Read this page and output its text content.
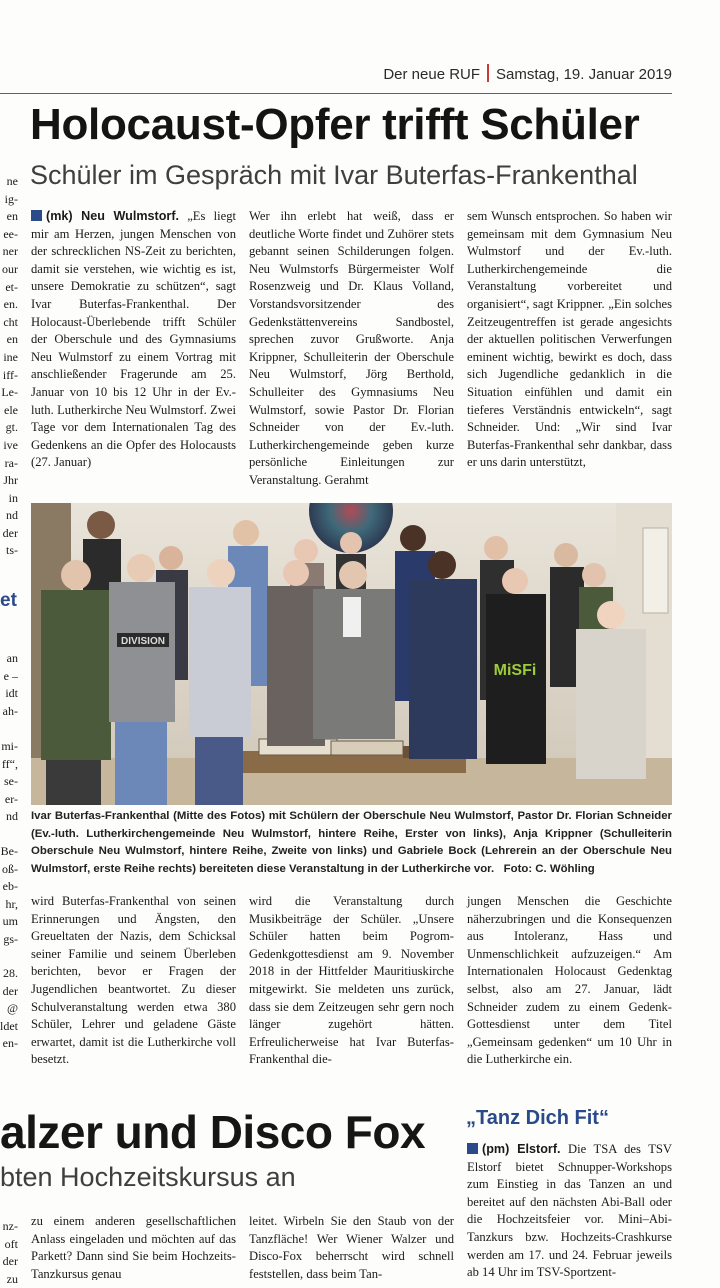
Der neue RUF Samstag, 19. Januar 2019
ne
ig-
en
ee-
ner
our
et-
en.
cht
en
ine
iff-
Le-
ele
gt.
ive
ra-
Jhr
in
nd
der
ts-
et
an
e –
idt
ah-
mi-
ff“,
se-
er-
nd
Be-
oß-
eb-
hr,
um
gs-
28.
der
@
ldet
en-
nz-
oft
der
zu
Holocaust-Opfer trifft Schüler
Schüler im Gespräch mit Ivar Buterfas-Frankenthal
(mk) Neu Wulmstorf. „Es liegt mir am Herzen, jungen Menschen von der schrecklichen NS-Zeit zu berichten, damit sie verstehen, wie wichtig es ist, unsere Demokratie zu schützen“, sagt Ivar Buterfas-Frankenthal. Der Holocaust-Überlebende trifft Schüler der Oberschule und des Gymnasiums Neu Wulmstorf zu einem Vortrag mit anschließender Fragerunde am 25. Januar von 10 bis 12 Uhr in der Ev.-luth. Lutherkirche Neu Wulmstorf. Zwei Tage vor dem Internationalen Tag des Gedenkens an die Opfer des Holocausts (27. Januar)
Wer ihn erlebt hat weiß, dass er deutliche Worte findet und Zuhörer stets gebannt seinen Schilderungen folgen. Neu Wulmstorfs Bürgermeister Wolf Rosenzweig und Dr. Klaus Volland, Vorstandsvorsitzender des Gedenkstättenvereins Sandbostel, sprechen zuvor Grußworte. Anja Krippner, Schulleiterin der Oberschule Neu Wulmstorf, Jörg Berthold, Schulleiter des Gymnasiums Neu Wulmstorf, sowie Pastor Dr. Florian Schneider von der Ev.-luth. Lutherkirchengemeinde geben kurze persönliche Einleitungen zur Veranstaltung. Gerahmt
sem Wunsch entsprochen. So haben wir gemeinsam mit dem Gymnasium Neu Wulmstorf und der Ev.-luth. Lutherkirchengemeinde die Veranstaltung vorbereitet und organisiert“, sagt Krippner. „Ein solches Zeitzeugentreffen ist gerade angesichts der aktuellen politischen Verwerfungen eminent wichtig, bewirkt es doch, dass sich Jugendliche gedanklich in die Situation einfühlen und damit ein tieferes Verständnis entwickeln“, sagt Schneider. Und: „Wir sind Ivar Buterfas-Frankenthal sehr dankbar, dass er uns darin unterstützt,
DIVISION
MiSFi
Ivar Buterfas-Frankenthal (Mitte des Fotos) mit Schülern der Oberschule Neu Wulmstorf, Pastor Dr. Florian Schneider (Ev.-luth. Lutherkirchengemeinde Neu Wulmstorf, hintere Reihe, Erster von links), Anja Krippner (Schulleiterin Oberschule Neu Wulmstorf, hintere Reihe, Zweite von links) und Gabriele Bock (Lehrerein an der Oberschule Neu Wulmstorf, erste Reihe rechts) bereiteten diese Veranstaltung in der Lutherkirche vor. Foto: C. Wöhling
wird Buterfas-Frankenthal von seinen Erinnerungen und Ängsten, den Greueltaten der Nazis, dem Schicksal seiner Familie und seinem Überleben berichten, bevor er Fragen der Jugendlichen beantwortet. Zu dieser Schulveranstaltung werden etwa 380 Schüler, Lehrer und geladene Gäste erwartet, damit ist die Lutherkirche voll besetzt.
wird die Veranstaltung durch Musikbeiträge der Schüler. „Unsere Schüler hatten beim Pogrom-Gedenkgottesdienst am 9. November 2018 in der Hittfelder Mauritiuskirche mitgewirkt. Sie meldeten uns zurück, dass sie dem Zeitzeugen sehr gern noch länger zugehört hätten. Erfreulicherweise hat Ivar Buterfas-Frankenthal die-
jungen Menschen die Geschichte näherzubringen und die Konsequenzen aus Intoleranz, Hass und Unmenschlichkeit aufzuzeigen.“ Am Internationalen Holocaust Gedenktag selbst, also am 27. Januar, lädt Schneider zudem zu einem Gedenk-Gottesdienst unter dem Titel „Gemeinsam gedenken“ um 10 Uhr in die Lutherkirche ein.
alzer und Disco Fox
bten Hochzeitskursus an
zu einem anderen gesellschaftlichen Anlass eingeladen und möchten auf das Parkett? Dann sind Sie beim Hochzeits-Tanzkursus genau
leitet. Wirbeln Sie den Staub von der Tanzfläche! Wer Wiener Walzer und Disco-Fox beherrscht wird schnell feststellen, dass beim Tan-
„Tanz Dich Fit“
(pm) Elstorf. Die TSA des TSV Elstorf bietet Schnupper-Workshops zum Einstieg in das Tanzen an und bereitet auf den nächsten Abi-Ball oder die Hochzeitsfeier vor. Mini–Abi-Tanzkurs bzw. Hochzeits-Crashkurse werden am 17. und 24. Februar jeweils ab 14 Uhr im TSV-Sportzent-
